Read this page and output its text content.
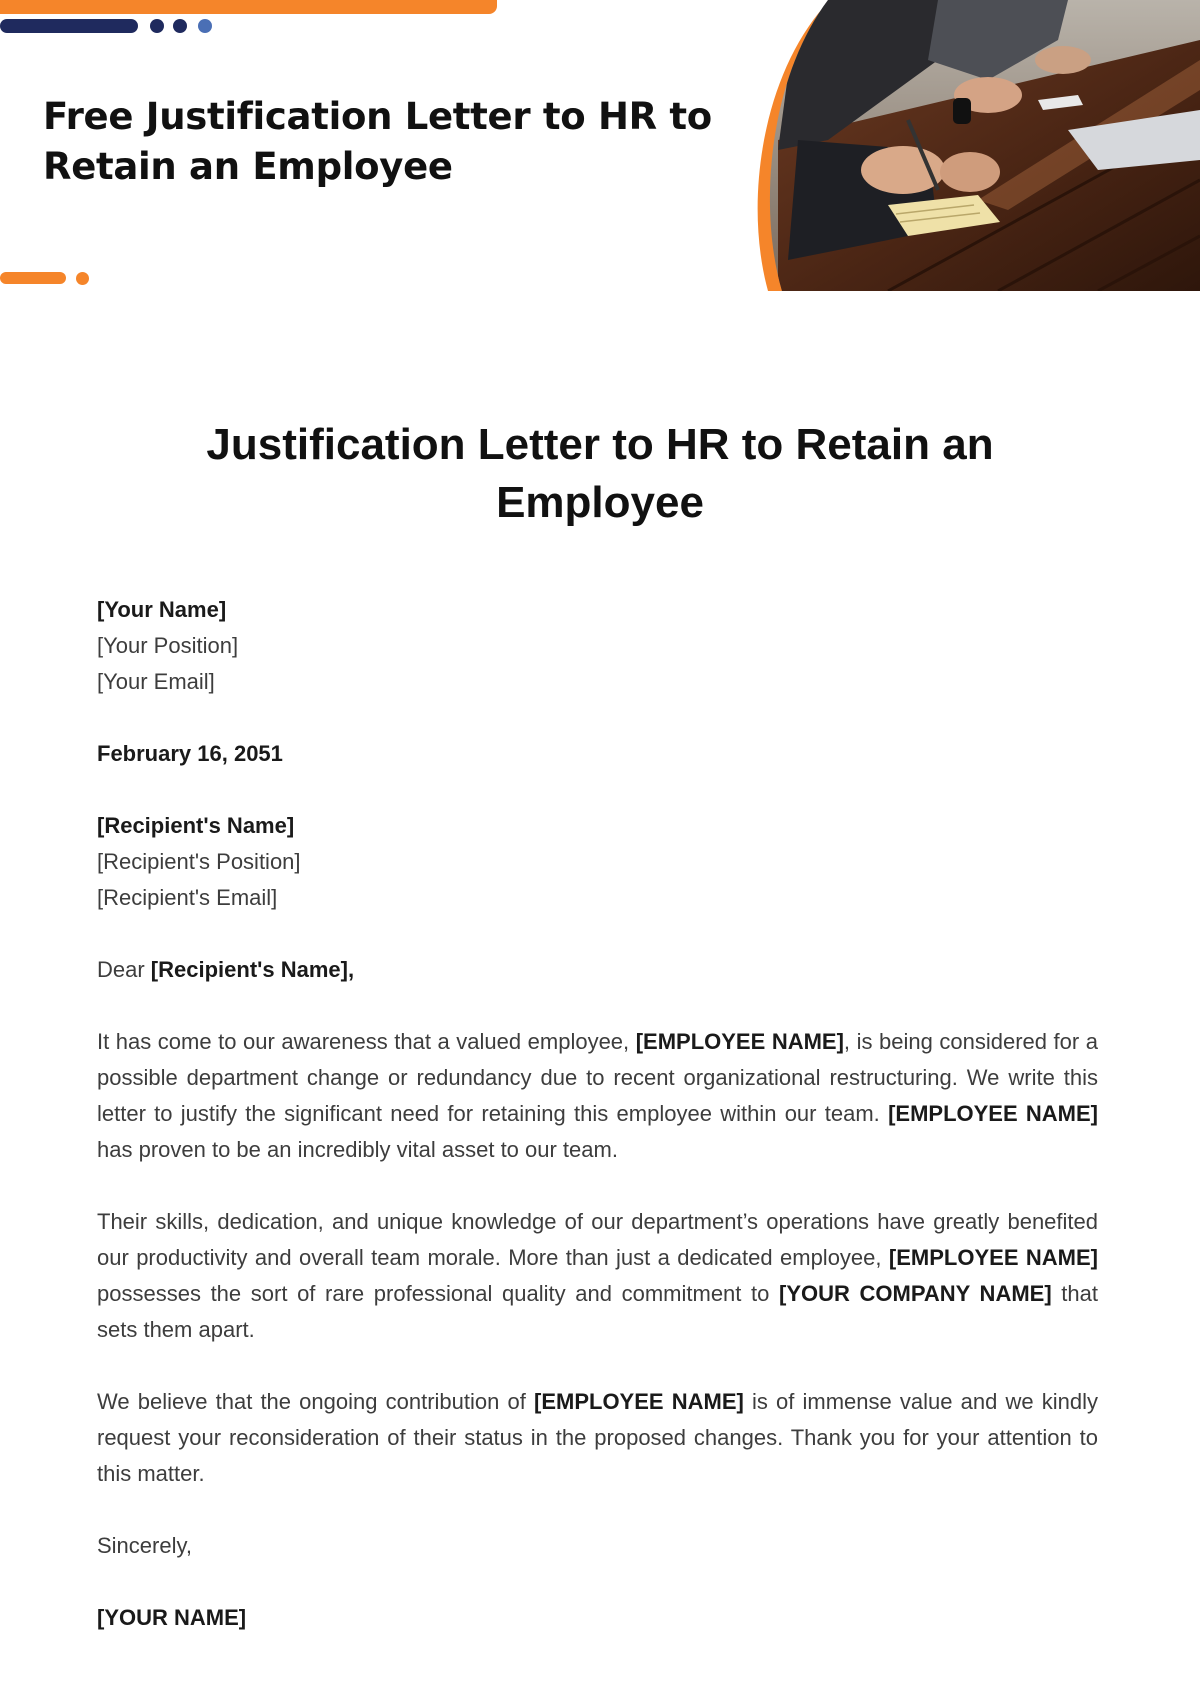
Free Justification Letter to HR to
Retain an Employee
Justification Letter to HR to Retain an
Employee
[Your Name]
[Your Position]
[Your Email]
February 16, 2051
[Recipient's Name]
[Recipient's Position]
[Recipient's Email]

Dear [Recipient's Name],

It has come to our awareness that a valued employee, [EMPLOYEE NAME], is being considered for a possible department change or redundancy due to recent organizational restructuring. We write this letter to justify the significant need for retaining this employee within our team. [EMPLOYEE NAME] has proven to be an incredibly vital asset to our team.

Their skills, dedication, and unique knowledge of our department’s operations have greatly benefited our productivity and overall team morale. More than just a dedicated employee, [EMPLOYEE NAME] possesses the sort of rare professional quality and commitment to [YOUR COMPANY NAME] that sets them apart.

We believe that the ongoing contribution of [EMPLOYEE NAME] is of immense value and we kindly request your reconsideration of their status in the proposed changes. Thank you for your attention to this matter.

Sincerely,
[YOUR NAME]
